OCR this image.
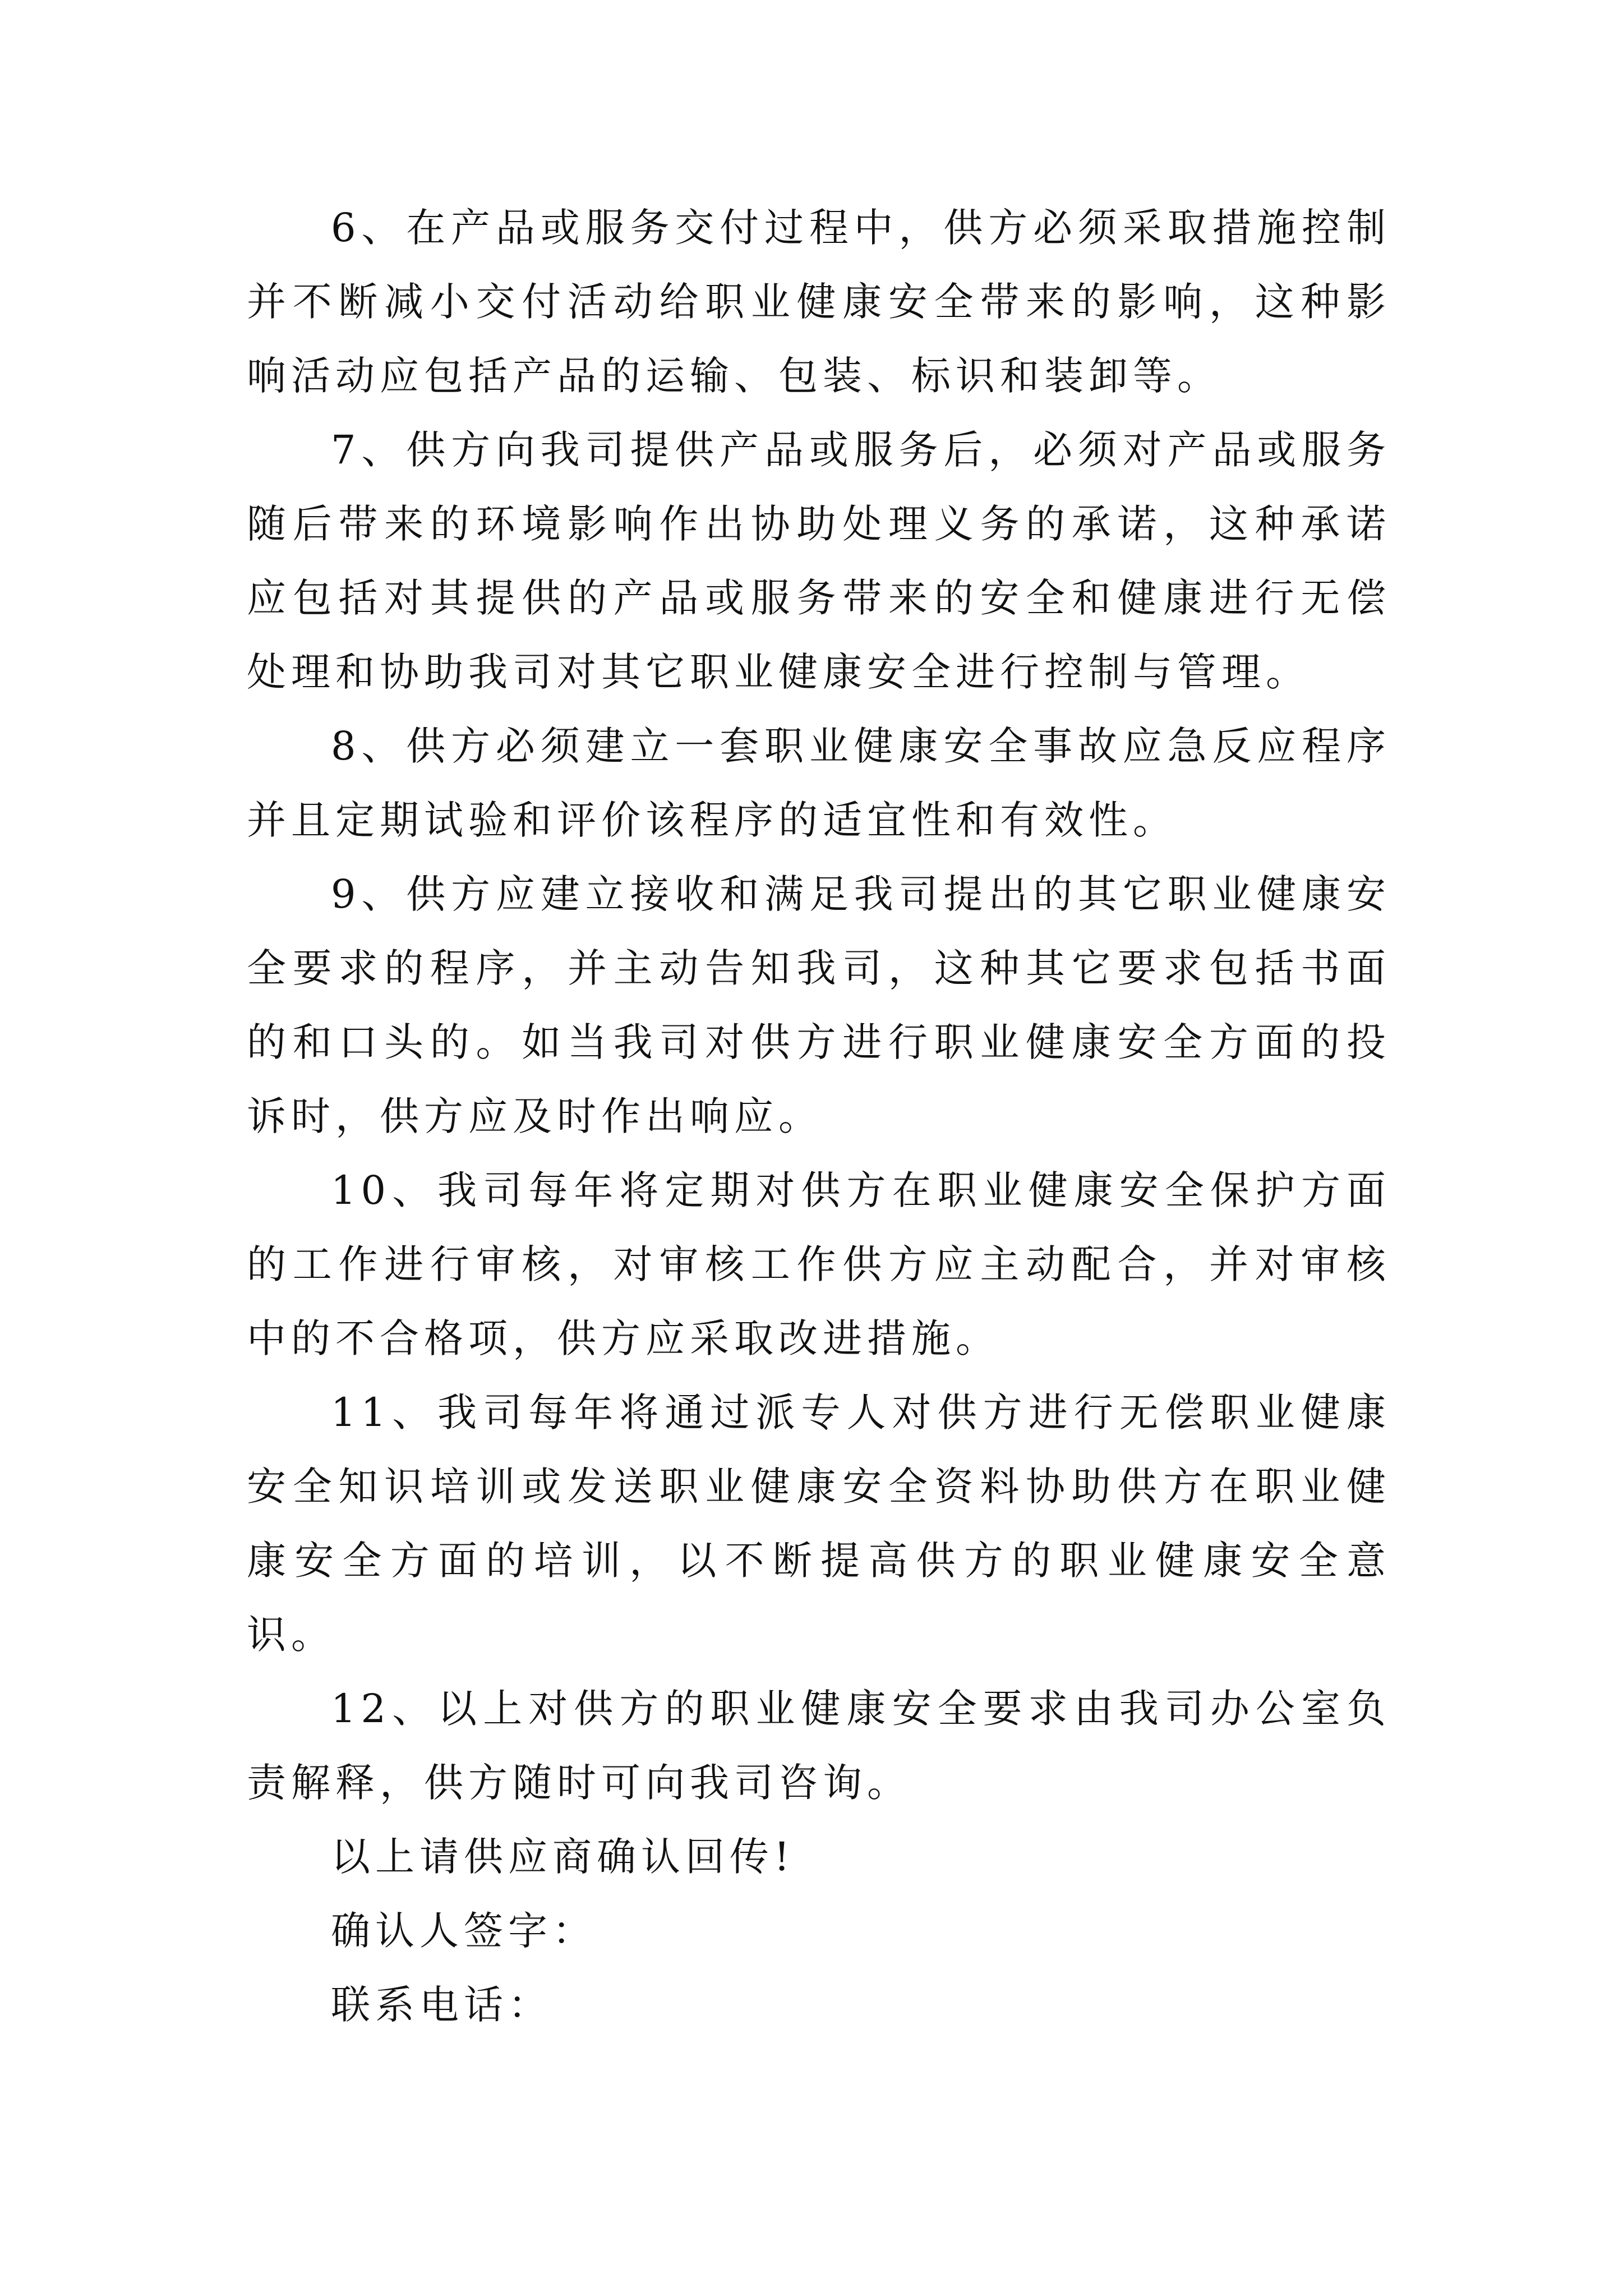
6、在产品或服务交付过程中，供方必须采取措施控制并不断减小交付活动给职业健康安全带来的影响，这种影响活动应包括产品的运输、包装、标识和装卸等。

7、供方向我司提供产品或服务后，必须对产品或服务随后带来的环境影响作出协助处理义务的承诺，这种承诺应包括对其提供的产品或服务带来的安全和健康进行无偿处理和协助我司对其它职业健康安全进行控制与管理。

8、供方必须建立一套职业健康安全事故应急反应程序并且定期试验和评价该程序的适宜性和有效性。

9、供方应建立接收和满足我司提出的其它职业健康安全要求的程序，并主动告知我司，这种其它要求包括书面的和口头的。如当我司对供方进行职业健康安全方面的投诉时，供方应及时作出响应。

10、我司每年将定期对供方在职业健康安全保护方面的工作进行审核，对审核工作供方应主动配合，并对审核中的不合格项，供方应采取改进措施。

11、我司每年将通过派专人对供方进行无偿职业健康安全知识培训或发送职业健康安全资料协助供方在职业健康安全方面的培训，以不断提高供方的职业健康安全意识。

12、以上对供方的职业健康安全要求由我司办公室负责解释，供方随时可向我司咨询。

以上请供应商确认回传!

确认人签字：

联系电话：
